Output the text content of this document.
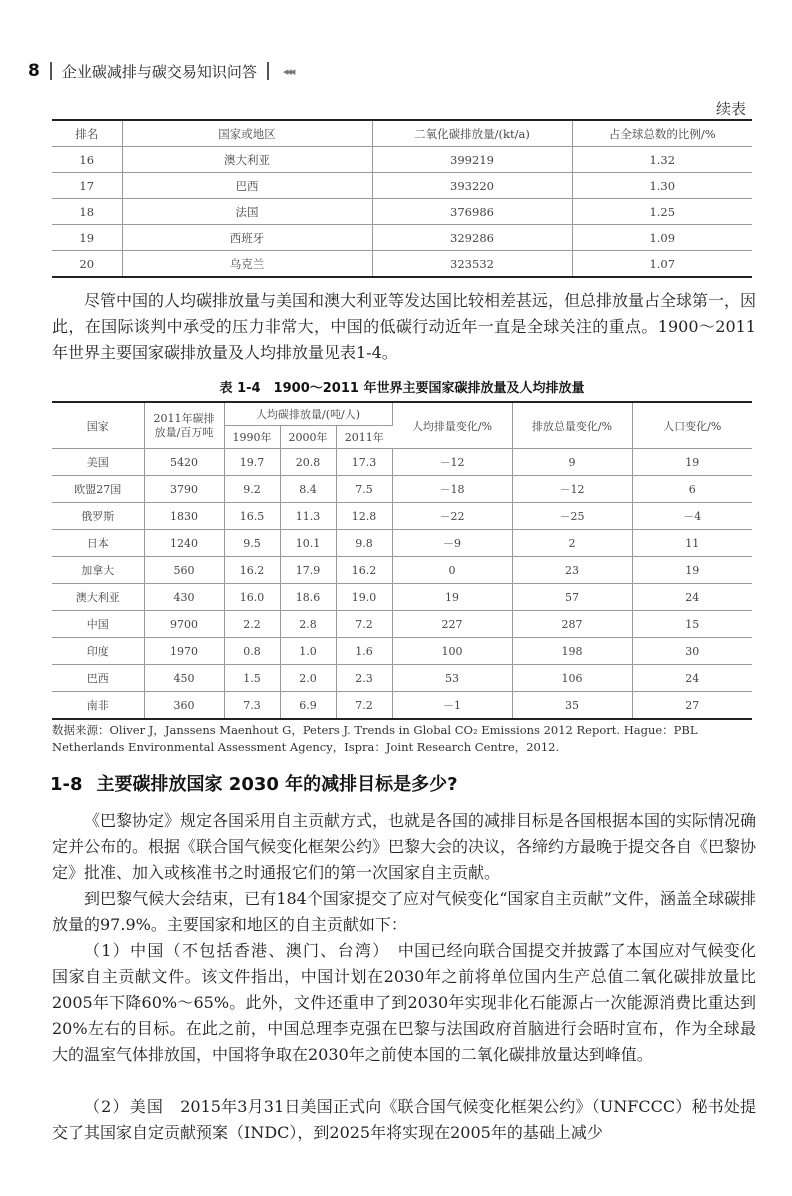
8 企业碳减排与碳交易知识问答 ◂◂◂
续表
排名	国家或地区	二氧化碳排放量/(kt/a)	占全球总数的比例/%
16	澳大利亚	399219	1.32
17	巴西	393220	1.30
18	法国	376986	1.25
19	西班牙	329286	1.09
20	乌克兰	323532	1.07

尽管中国的人均碳排放量与美国和澳大利亚等发达国比较相差甚远，但总排放量占全球第一，因此，在国际谈判中承受的压力非常大，中国的低碳行动近年一直是全球关注的重点。1900～2011年世界主要国家碳排放量及人均排放量见表1-4。

表 1-4　1900～2011 年世界主要国家碳排放量及人均排放量
国家	2011年碳排放量/百万吨	人均碳排放量/(吨/人)			人均排量变化/%	排放总量变化/%	人口变化/%
		1990年	2000年	2011年			
美国	5420	19.7	20.8	17.3	－12	9	19
欧盟27国	3790	9.2	8.4	7.5	－18	－12	6
俄罗斯	1830	16.5	11.3	12.8	－22	－25	－4
日本	1240	9.5	10.1	9.8	－9	2	11
加拿大	560	16.2	17.9	16.2	0	23	19
澳大利亚	430	16.0	18.6	19.0	19	57	24
中国	9700	2.2	2.8	7.2	227	287	15
印度	1970	0.8	1.0	1.6	100	198	30
巴西	450	1.5	2.0	2.3	53	106	24
南非	360	7.3	6.9	7.2	－1	35	27

数据来源：Oliver J，Janssens Maenhout G，Peters J. Trends in Global CO₂ Emissions 2012 Report. Hague：PBL Netherlands Environmental Assessment Agency，Ispra：Joint Research Centre，2012.

1-8 主要碳排放国家 2030 年的减排目标是多少?

《巴黎协定》规定各国采用自主贡献方式，也就是各国的减排目标是各国根据本国的实际情况确定并公布的。根据《联合国气候变化框架公约》巴黎大会的决议，各缔约方最晚于提交各自《巴黎协定》批准、加入或核准书之时通报它们的第一次国家自主贡献。

到巴黎气候大会结束，已有184个国家提交了应对气候变化“国家自主贡献”文件，涵盖全球碳排放量的97.9%。主要国家和地区的自主贡献如下：

（1）中国（不包括香港、澳门、台湾）　中国已经向联合国提交并披露了本国应对气候变化国家自主贡献文件。该文件指出，中国计划在2030年之前将单位国内生产总值二氧化碳排放量比2005年下降60%～65%。此外，文件还重申了到2030年实现非化石能源占一次能源消费比重达到20%左右的目标。在此之前，中国总理李克强在巴黎与法国政府首脑进行会晤时宣布，作为全球最大的温室气体排放国，中国将争取在2030年之前使本国的二氧化碳排放量达到峰值。

（2）美国　2015年3月31日美国正式向《联合国气候变化框架公约》（UNFCCC）秘书处提交了其国家自定贡献预案（INDC），到2025年将实现在2005年的基础上减少
